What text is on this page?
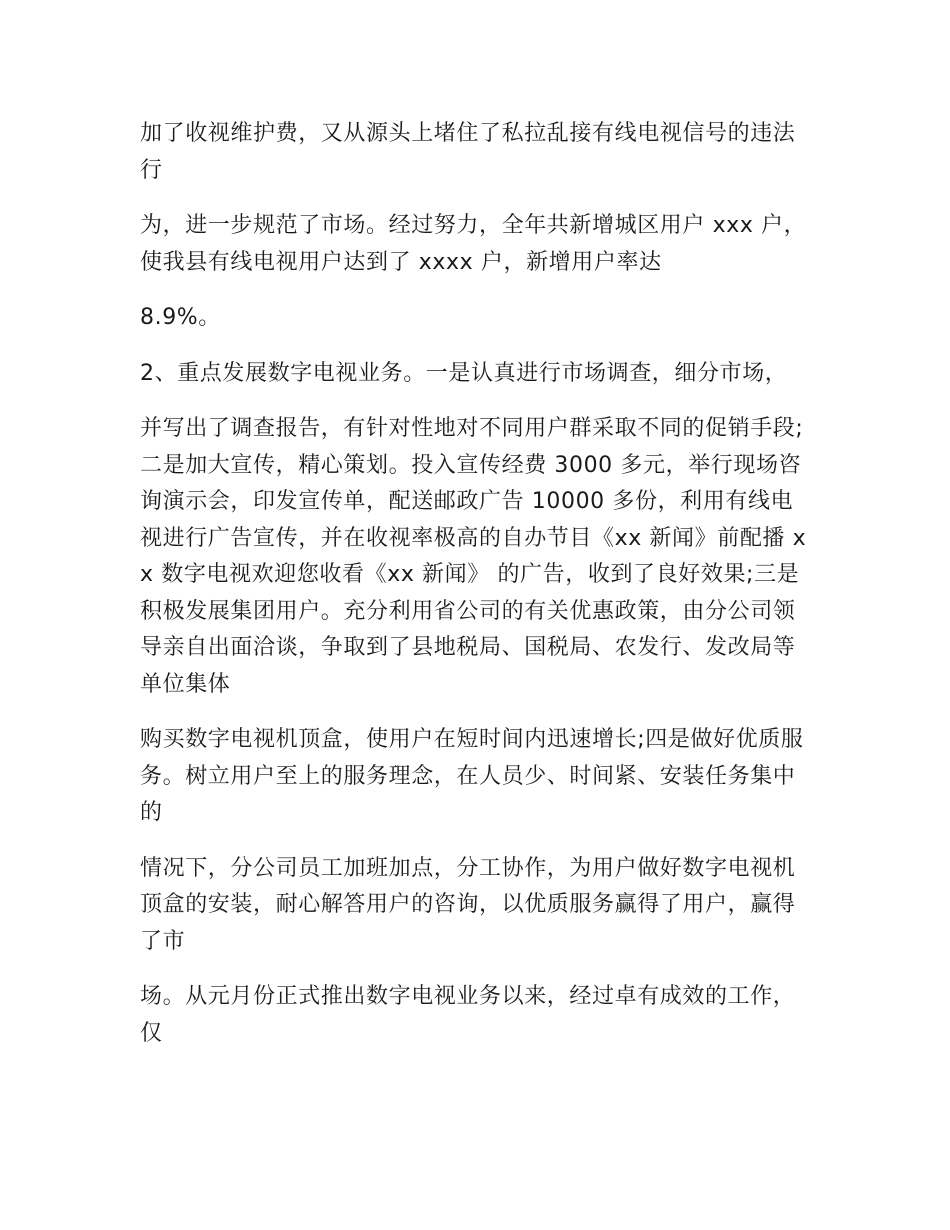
加了收视维护费，又从源头上堵住了私拉乱接有线电视信号的违法行

为，进一步规范了市场。经过努力，全年共新增城区用户 xxx 户，使我县有线电视用户达到了 xxxx 户，新增用户率达

8.9%。

2、重点发展数字电视业务。一是认真进行市场调查，细分市场，

并写出了调查报告，有针对性地对不同用户群采取不同的促销手段;二是加大宣传，精心策划。投入宣传经费 3000 多元，举行现场咨询演示会，印发宣传单，配送邮政广告 10000 多份，利用有线电视进行广告宣传，并在收视率极高的自办节目《xx 新闻》前配播 xx 数字电视欢迎您收看《xx 新闻》 的广告，收到了良好效果;三是积极发展集团用户。充分利用省公司的有关优惠政策，由分公司领导亲自出面洽谈，争取到了县地税局、国税局、农发行、发改局等单位集体

购买数字电视机顶盒，使用户在短时间内迅速增长;四是做好优质服务。树立用户至上的服务理念，在人员少、时间紧、安装任务集中的

情况下，分公司员工加班加点，分工协作，为用户做好数字电视机顶盒的安装，耐心解答用户的咨询，以优质服务赢得了用户，赢得了市

场。从元月份正式推出数字电视业务以来，经过卓有成效的工作，仅
